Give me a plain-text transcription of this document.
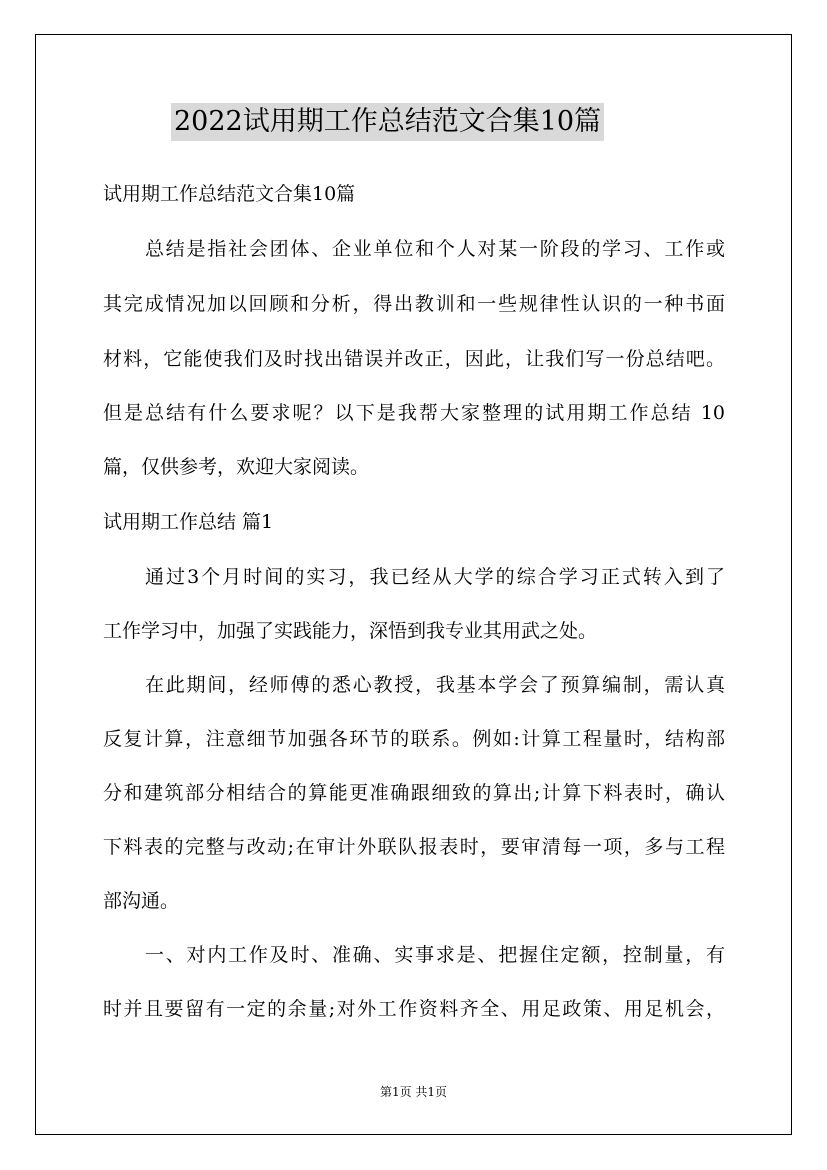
2022试用期工作总结范文合集10篇
试用期工作总结范文合集10篇
总结是指社会团体、企业单位和个人对某一阶段的学习、工作或
其完成情况加以回顾和分析，得出教训和一些规律性认识的一种书面
材料，它能使我们及时找出错误并改正，因此，让我们写一份总结吧。
但是总结有什么要求呢？以下是我帮大家整理的试用期工作总结 10
篇，仅供参考，欢迎大家阅读。
试用期工作总结 篇1
通过3个月时间的实习，我已经从大学的综合学习正式转入到了
工作学习中，加强了实践能力，深悟到我专业其用武之处。
在此期间，经师傅的悉心教授，我基本学会了预算编制，需认真
反复计算，注意细节加强各环节的联系。例如:计算工程量时，结构部
分和建筑部分相结合的算能更准确跟细致的算出;计算下料表时，确认
下料表的完整与改动;在审计外联队报表时，要审清每一项，多与工程
部沟通。
一、对内工作及时、准确、实事求是、把握住定额，控制量，有
时并且要留有一定的余量;对外工作资料齐全、用足政策、用足机会，
第1页 共1页
